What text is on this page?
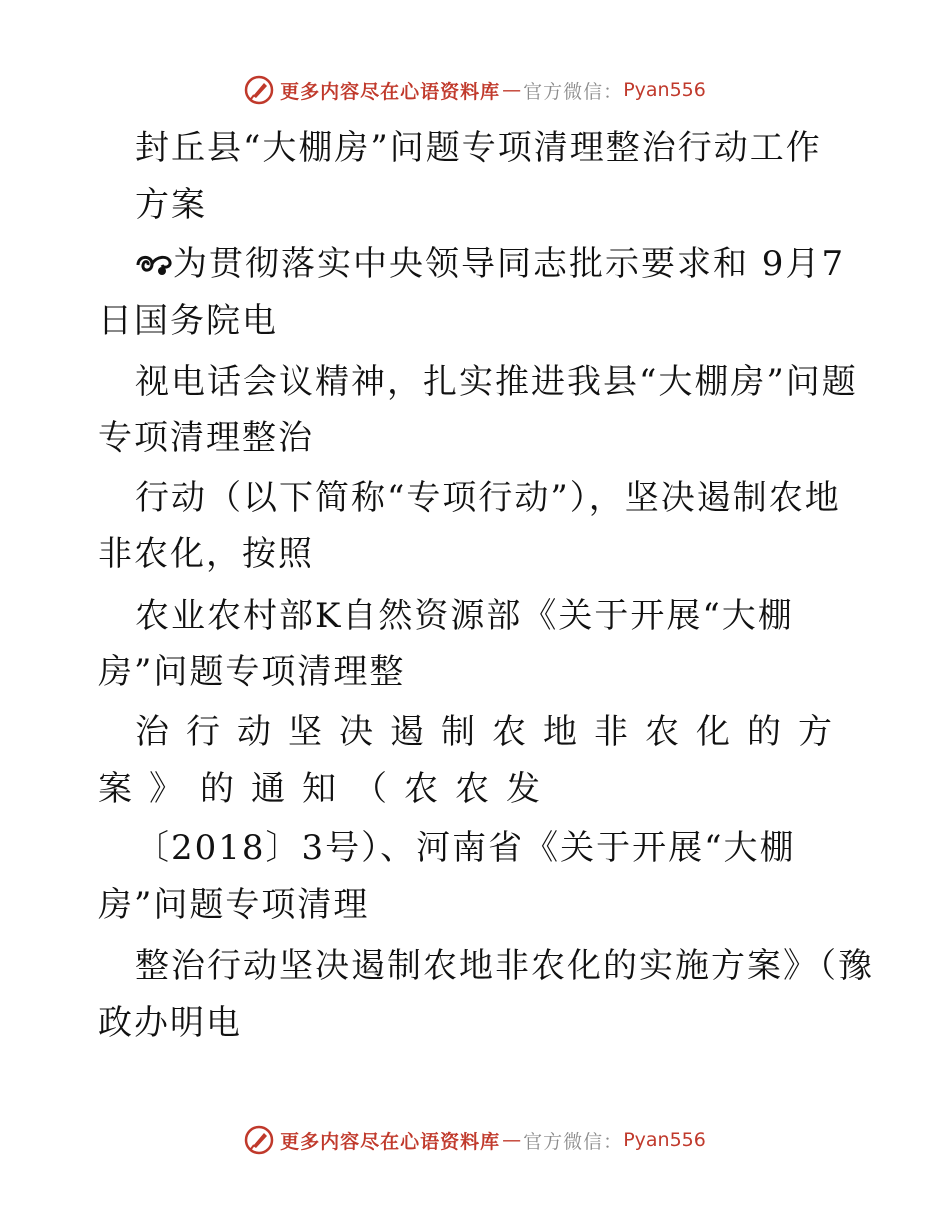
更多内容尽在心语资料库 — 官方微信： Pyan556
封丘县“大棚房”问题专项清理整治行动工作
方案
为贯彻落实中央领导同志批示要求和 9月7
日国务院电
视电话会议精神，扎实推进我县“大棚房”问题
专项清理整治
行动（以下简称“专项行动”），坚决遏制农地
非农化，按照
农业农村部K自然资源部《关于开展“大棚
房”问题专项清理整
治行动坚决遏制农地非农化的方
案》的通知（农农发
〔2018〕3号）、河南省《关于开展“大棚
房”问题专项清理
整治行动坚决遏制农地非农化的实施方案》（豫
政办明电
更多内容尽在心语资料库 — 官方微信： Pyan556
